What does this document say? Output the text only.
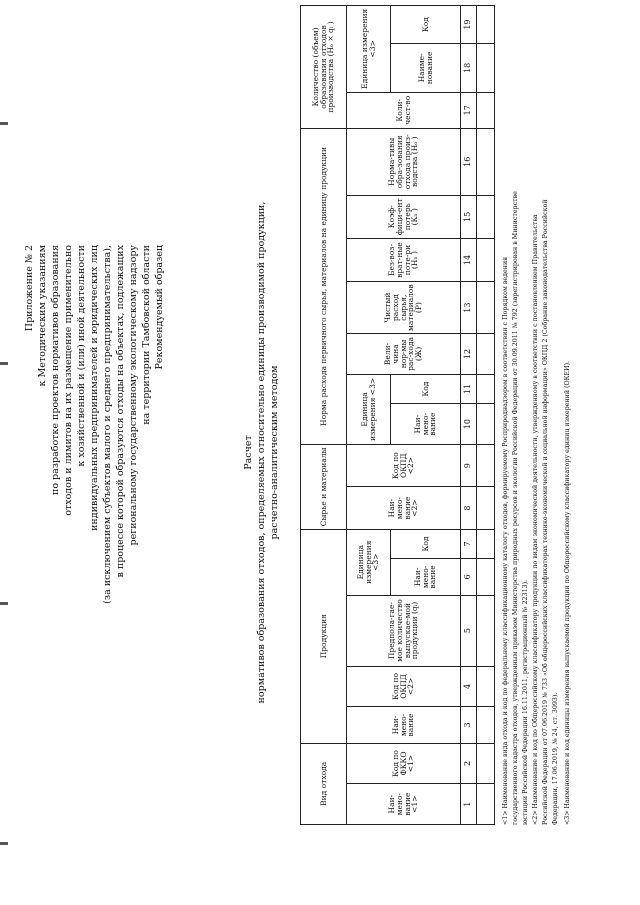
Приложение № 2 к Методическим указаниям по разработке проектов нормативов образования отходов и лимитов на их размещение применительно к хозяйственной и (или) иной деятельности индивидуальных предпринимателей и юридических лиц (за исключением субъектов малого и среднего предпринимательства), в процессе которой образуются отходы на объектах, подлежащих региональному государственному экологическому надзору на территории Тамбовской области Рекомендуемый образец
Расчет нормативов образования отходов, определяемых относительно единицы производимой продукции, расчетно-аналитическим методом
Вид отхода		Продукция					Сырье и материалы		Норма расхода первичного сырья, материалов на единицу продукции							Количество (объем) образования отходов производства (Нₒ × qᵢ )		
Наи-мено-вание <1>	Код по ФККО <1>	Наи-мено-вание	Код по ОКПД <2>	Предпола-гае-мое количество выпускае-мой продукции (qᵢ)	Единица измерения <3>		Наи-мено-вание <2>	Код по ОКПД <2>	Единица измерения <3>		Вели-чина нор-мы рас-хода (Ж)	Чистый расход сырья, материалов (Р)	Без-воз-врат-ные поте-ри (Нₙ )	Коэф-фици-ент потерь (Кₙ )	Норма-тивы обра-зования отхода произ-водства (Нₒ )	Коли-чест-во	Единица измерения <3>	
					Наи-мено-вание	Код			Наи-мено-вание	Код							Наиме-нование	Код
1	2	3	4	5	6	7	8	9	10	11	12	13	14	15	16	17	18	19

<1> Наименование вида отхода и код по федеральному классификационному каталогу отходов, формируемому Росприроднадзором в соответствии с Порядком ведения государственного кадастра отходов, утвержденным приказом Министерства природных ресурсов и экологии Российской Федерации от 30.09.2011 № 792 (зарегистрирован в Министерстве юстиции Российской Федерации 16.11.2011, регистрационный № 22313). <2> Наименование и код по Общероссийскому классификатору продукции по видам экономической деятельности, утвержденному в соответствии с постановлением Правительства Российской Федерации от 07.06.2019 № 733 «Об общероссийских классификаторах технико-экономической и социальной информации» ОКПД 2 (Собрание законодательства Российской Федерации, 17.06.2019, № 24, ст. 3093). <3> Наименование и код единицы измерения выпускаемой продукции по Общероссийскому классификатору единиц измерений (ОКЕИ).
